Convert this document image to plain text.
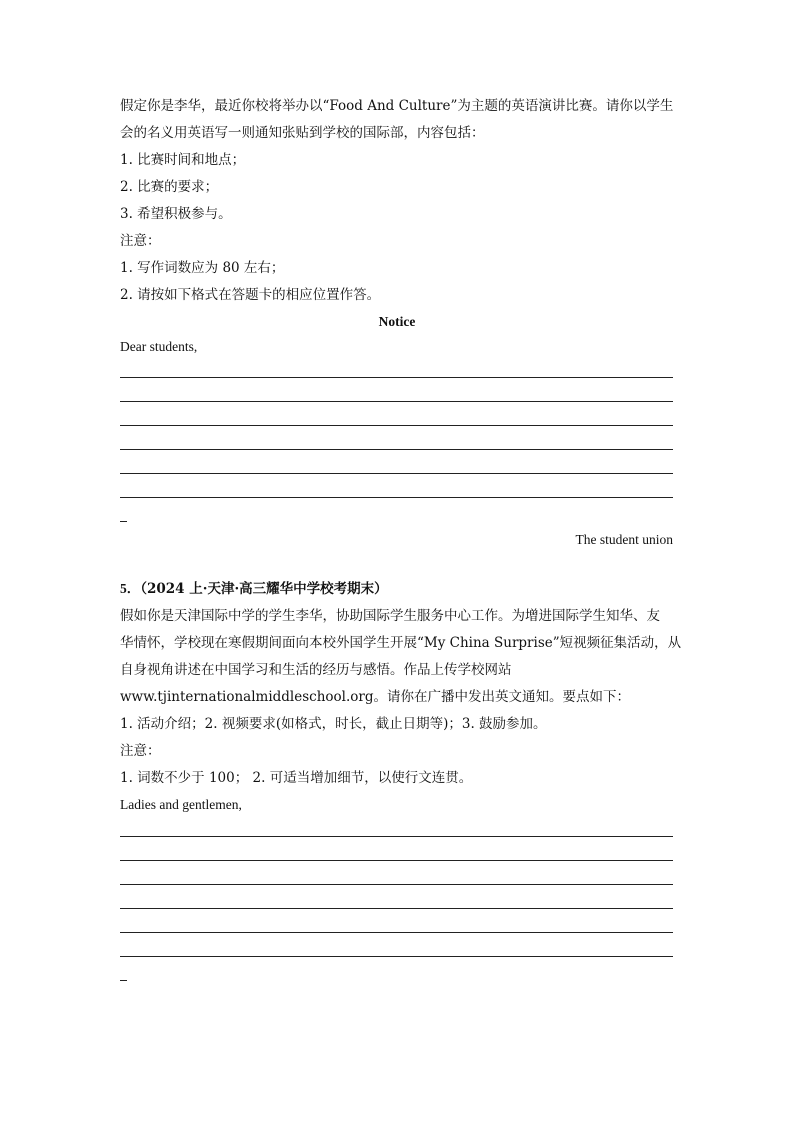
假定你是李华，最近你校将举办以“Food And Culture”为主题的英语演讲比赛。请你以学生
会的名义用英语写一则通知张贴到学校的国际部，内容包括：
1. 比赛时间和地点；
2. 比赛的要求；
3. 希望积极参与。
注意：
1. 写作词数应为 80 左右；
2. 请按如下格式在答题卡的相应位置作答。
Notice
Dear students,
The student union
5．（2024 上·天津·高三耀华中学校考期末）
假如你是天津国际中学的学生李华，协助国际学生服务中心工作。为增进国际学生知华、友
华情怀，学校现在寒假期间面向本校外国学生开展“My China Surprise”短视频征集活动，从
自身视角讲述在中国学习和生活的经历与感悟。作品上传学校网站
www.tjinternationalmiddleschool.org。请你在广播中发出英文通知。要点如下：
1. 活动介绍；2. 视频要求(如格式，时长，截止日期等)；3. 鼓励参加。
注意：
1. 词数不少于 100； 2. 可适当增加细节，以使行文连贯。
Ladies and gentlemen,
